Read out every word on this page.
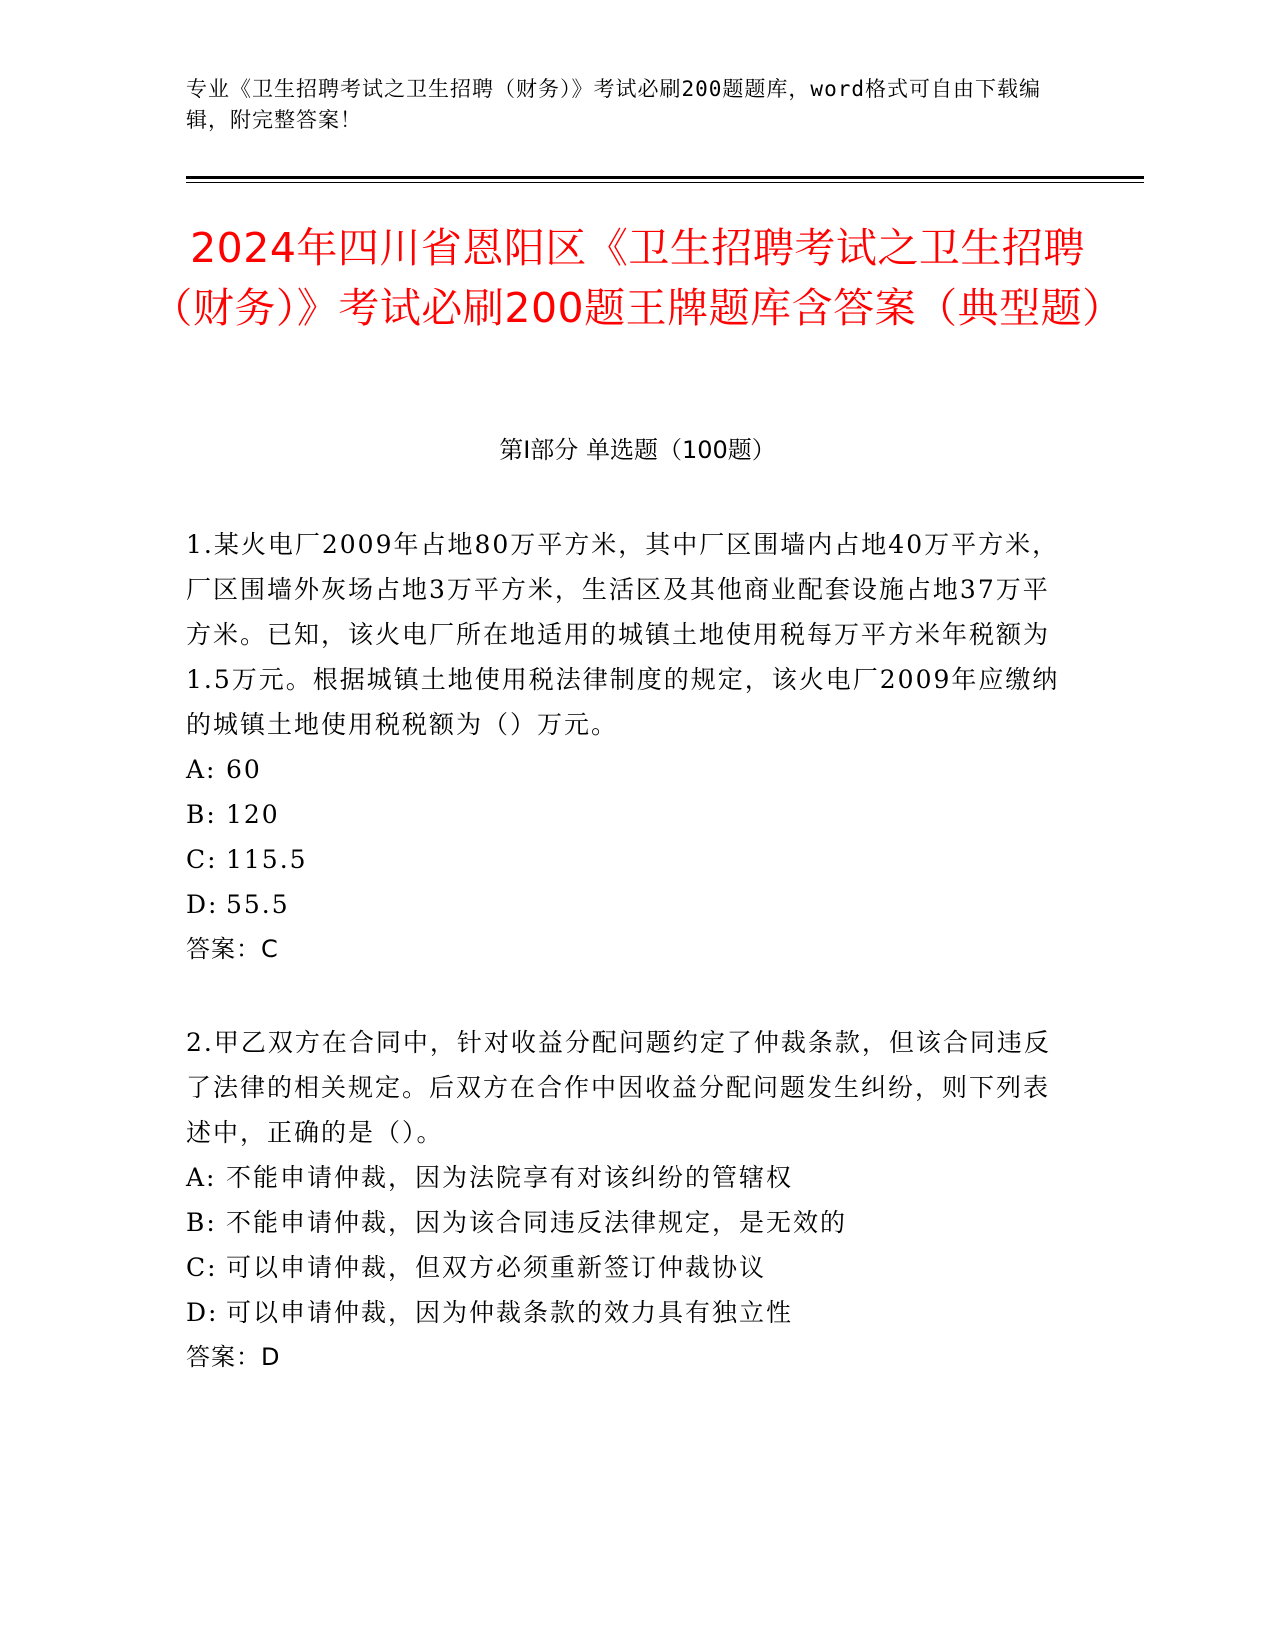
专业《卫生招聘考试之卫生招聘（财务）》考试必刷200题题库，word格式可自由下载编辑，附完整答案！
2024年四川省恩阳区《卫生招聘考试之卫生招聘（财务）》考试必刷200题王牌题库含答案（典型题）
第I部分 单选题（100题）

1.某火电厂2009年占地80万平方米，其中厂区围墙内占地40万平方米，厂区围墙外灰场占地3万平方米，生活区及其他商业配套设施占地37万平方米。已知，该火电厂所在地适用的城镇土地使用税每万平方米年税额为1.5万元。根据城镇土地使用税法律制度的规定，该火电厂2009年应缴纳的城镇土地使用税税额为（）万元。

A: 60

B: 120

C: 115.5

D: 55.5

答案：C

2.甲乙双方在合同中，针对收益分配问题约定了仲裁条款，但该合同违反了法律的相关规定。后双方在合作中因收益分配问题发生纠纷，则下列表述中，正确的是（）。

A: 不能申请仲裁，因为法院享有对该纠纷的管辖权

B: 不能申请仲裁，因为该合同违反法律规定，是无效的

C: 可以申请仲裁，但双方必须重新签订仲裁协议

D: 可以申请仲裁，因为仲裁条款的效力具有独立性

答案：D
